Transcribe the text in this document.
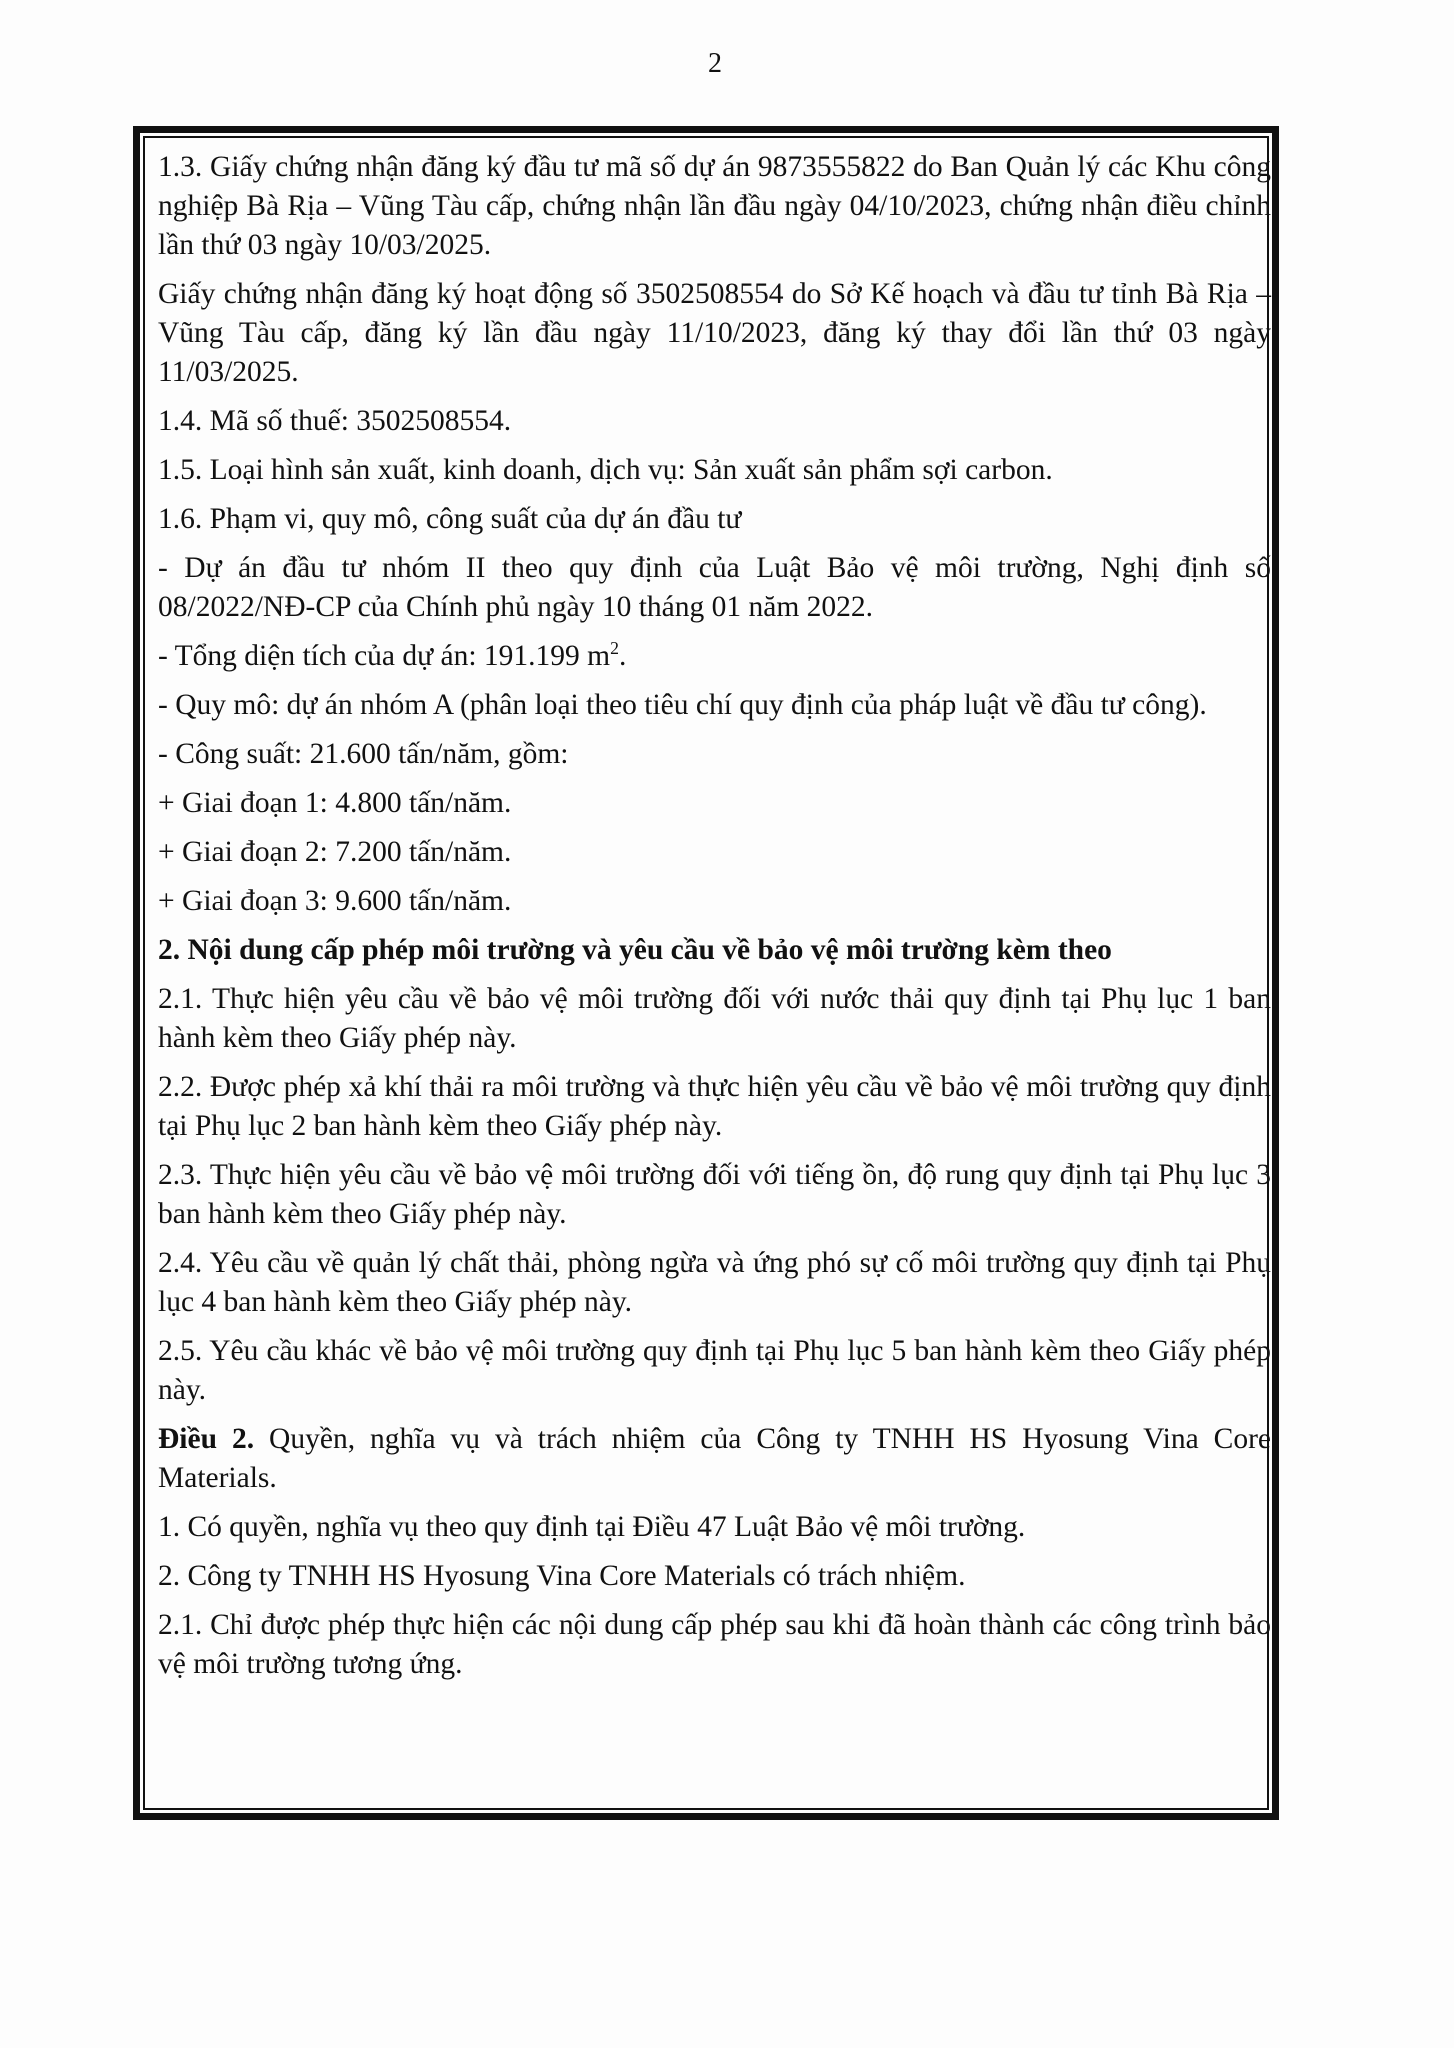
2

1.3. Giấy chứng nhận đăng ký đầu tư mã số dự án 9873555822 do Ban Quản lý các Khu công nghiệp Bà Rịa – Vũng Tàu cấp, chứng nhận lần đầu ngày 04/10/2023, chứng nhận điều chỉnh lần thứ 03 ngày 10/03/2025.

Giấy chứng nhận đăng ký hoạt động số 3502508554 do Sở Kế hoạch và đầu tư tỉnh Bà Rịa – Vũng Tàu cấp, đăng ký lần đầu ngày 11/10/2023, đăng ký thay đổi lần thứ 03 ngày 11/03/2025.

1.4. Mã số thuế: 3502508554.

1.5. Loại hình sản xuất, kinh doanh, dịch vụ: Sản xuất sản phẩm sợi carbon.

1.6. Phạm vi, quy mô, công suất của dự án đầu tư

- Dự án đầu tư nhóm II theo quy định của Luật Bảo vệ môi trường, Nghị định số 08/2022/NĐ-CP của Chính phủ ngày 10 tháng 01 năm 2022.

- Tổng diện tích của dự án: 191.199 $m^2$.

- Quy mô: dự án nhóm A (phân loại theo tiêu chí quy định của pháp luật về đầu tư công).

- Công suất: 21.600 tấn/năm, gồm:

+ Giai đoạn 1: 4.800 tấn/năm.

+ Giai đoạn 2: 7.200 tấn/năm.

+ Giai đoạn 3: 9.600 tấn/năm.

2. Nội dung cấp phép môi trường và yêu cầu về bảo vệ môi trường kèm theo

2.1. Thực hiện yêu cầu về bảo vệ môi trường đối với nước thải quy định tại Phụ lục 1 ban hành kèm theo Giấy phép này.

2.2. Được phép xả khí thải ra môi trường và thực hiện yêu cầu về bảo vệ môi trường quy định tại Phụ lục 2 ban hành kèm theo Giấy phép này.

2.3. Thực hiện yêu cầu về bảo vệ môi trường đối với tiếng ồn, độ rung quy định tại Phụ lục 3 ban hành kèm theo Giấy phép này.

2.4. Yêu cầu về quản lý chất thải, phòng ngừa và ứng phó sự cố môi trường quy định tại Phụ lục 4 ban hành kèm theo Giấy phép này.

2.5. Yêu cầu khác về bảo vệ môi trường quy định tại Phụ lục 5 ban hành kèm theo Giấy phép này.

Điều 2. Quyền, nghĩa vụ và trách nhiệm của Công ty TNHH HS Hyosung Vina Core Materials.

1. Có quyền, nghĩa vụ theo quy định tại Điều 47 Luật Bảo vệ môi trường.

2. Công ty TNHH HS Hyosung Vina Core Materials có trách nhiệm.

2.1. Chỉ được phép thực hiện các nội dung cấp phép sau khi đã hoàn thành các công trình bảo vệ môi trường tương ứng.
